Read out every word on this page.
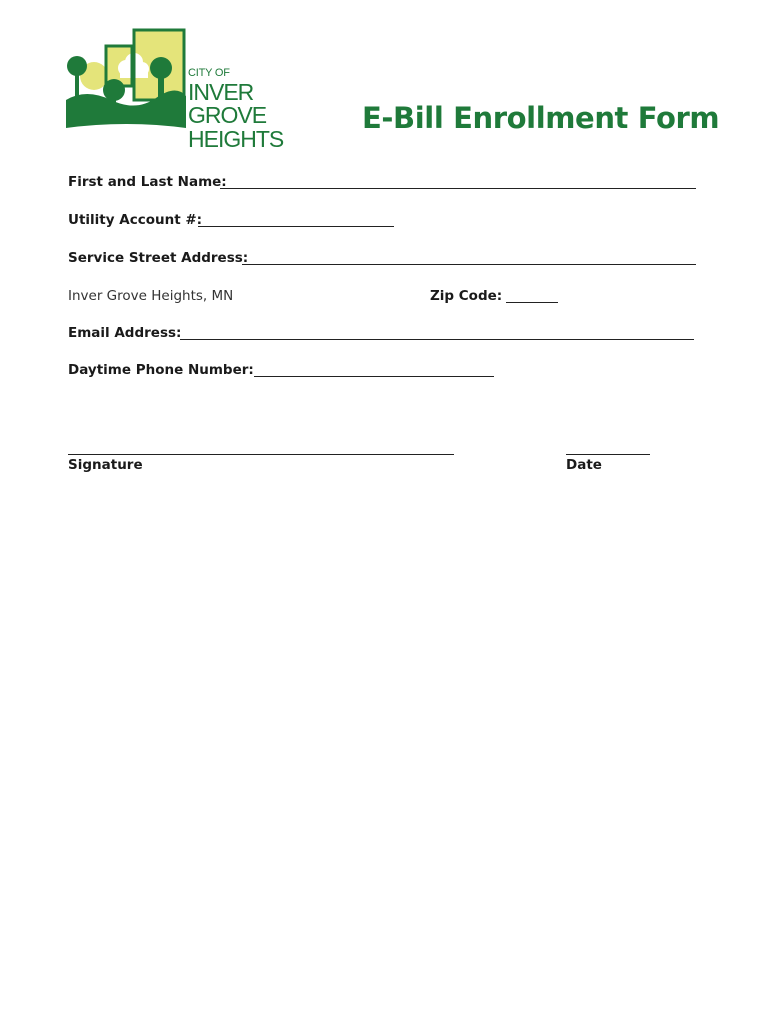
CITY OF
INVER GROVE
HEIGHTS
E-Bill Enrollment Form
First and Last Name:
Utility Account #:
Service Street Address:
Inver Grove Heights, MN	Zip Code:
Email Address:
Daytime Phone Number:
Signature	Date
